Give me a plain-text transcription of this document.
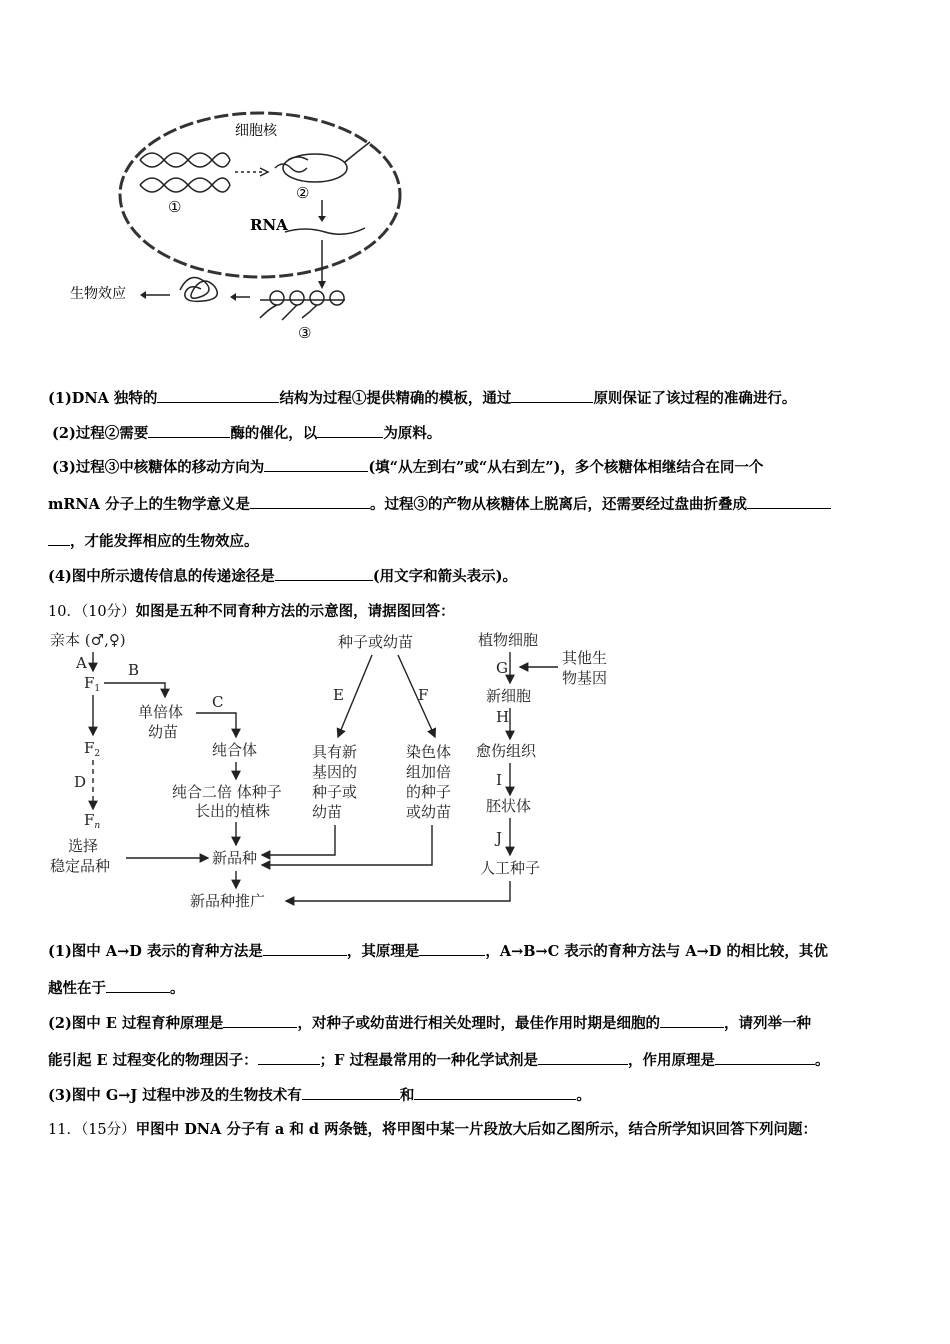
细胞核
①
②
RNA
③
生物效应
(1)DNA 独特的	结构为过程①提供精确的模板，通过	原则保证了该过程的准确进行。
(2)过程②需要	酶的催化，以	为原料。
(3)过程③中核糖体的移动方向为	(填“从左到右”或“从右到左”)，多个核糖体相继结合在同一个
mRNA 分子上的生物学意义是	。过程③的产物从核糖体上脱离后，还需要经过盘曲折叠成
，才能发挥相应的生物效应。
(4)图中所示遗传信息的传递途径是	(用文字和箭头表示)。
10．（10分）如图是五种不同育种方法的示意图，请据图回答：
亲本 (♂,♀)
A
$F_1$
B
单倍体
幼苗
C
纯合体
纯合二倍 体种子
长出的植株
$F_2$
D
$F_n$
选择
稳定品种	新品种
新品种推广
种子或幼苗
E	F
具有新
基因的
种子或
幼苗
染色体
组加倍
的种子
或幼苗
植物细胞
其他生
物基因
G
新细胞
H
愈伤组织
I
胚状体
J
人工种子
(1)图中 A→D 表示的育种方法是	，其原理是	，A→B→C 表示的育种方法与 A→D 的相比较，其优
越性在于	。
(2)图中 E 过程育种原理是	，对种子或幼苗进行相关处理时，最佳作用时期是细胞的	，请列举一种
能引起 E 过程变化的物理因子：	；F 过程最常用的一种化学试剂是	，作用原理是	。
(3)图中 G→J 过程中涉及的生物技术有	和	。
11．（15分）甲图中 DNA 分子有 a 和 d 两条链，将甲图中某一片段放大后如乙图所示，结合所学知识回答下列问题：
